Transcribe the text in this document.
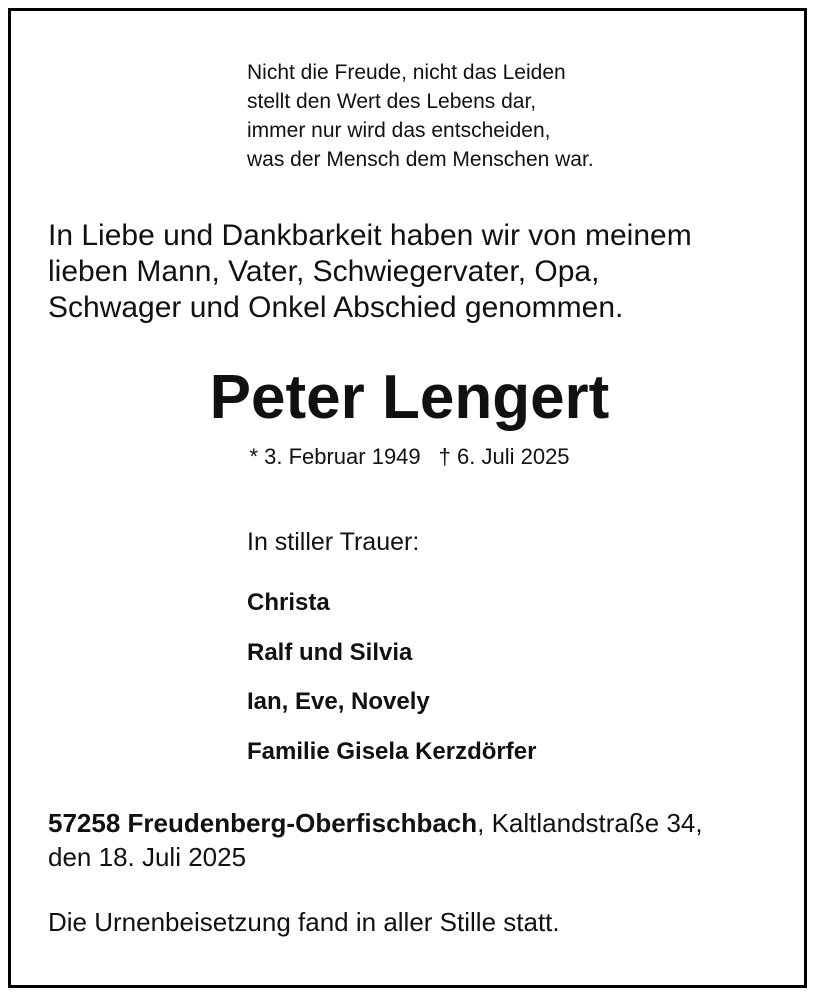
Nicht die Freude, nicht das Leiden
stellt den Wert des Lebens dar,
immer nur wird das entscheiden,
was der Mensch dem Menschen war.
In Liebe und Dankbarkeit haben wir von meinem
lieben Mann, Vater, Schwiegervater, Opa,
Schwager und Onkel Abschied genommen.
Peter Lengert
* 3. Februar 1949 † 6. Juli 2025
In stiller Trauer:
Christa
Ralf und Silvia
Ian, Eve, Novely
Familie Gisela Kerzdörfer
57258 Freudenberg-Oberfischbach, Kaltlandstraße 34,
den 18. Juli 2025
Die Urnenbeisetzung fand in aller Stille statt.
